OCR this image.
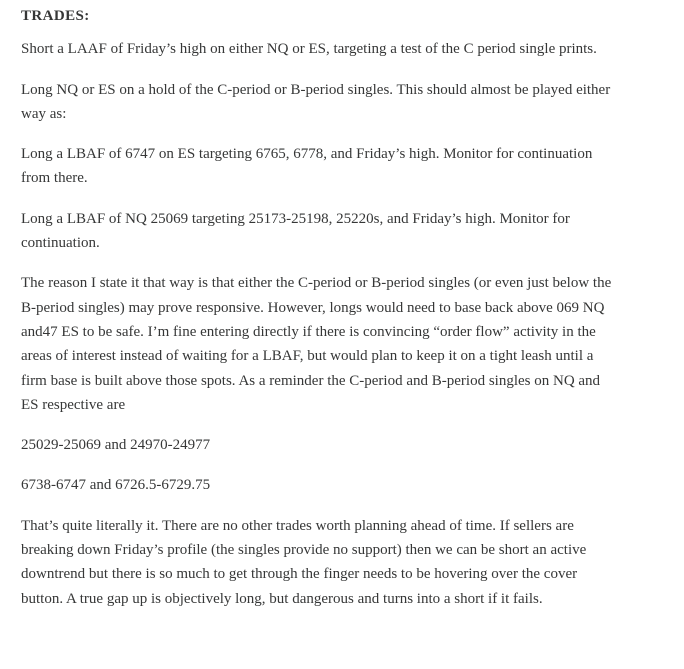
TRADES:

Short a LAAF of Friday’s high on either NQ or ES, targeting a test of the C period single prints.

Long NQ or ES on a hold of the C-period or B-period singles. This should almost be played either way as:

Long a LBAF of 6747 on ES targeting 6765, 6778, and Friday’s high. Monitor for continuation from there.

Long a LBAF of NQ 25069 targeting 25173-25198, 25220s, and Friday’s high. Monitor for continuation.

The reason I state it that way is that either the C-period or B-period singles (or even just below the B-period singles) may prove responsive. However, longs would need to base back above 069 NQ and47 ES to be safe. I’m fine entering directly if there is convincing “order flow” activity in the areas of interest instead of waiting for a LBAF, but would plan to keep it on a tight leash until a firm base is built above those spots. As a reminder the C-period and B-period singles on NQ and ES respective are

25029-25069 and 24970-24977

6738-6747 and 6726.5-6729.75

That’s quite literally it. There are no other trades worth planning ahead of time. If sellers are breaking down Friday’s profile (the singles provide no support) then we can be short an active downtrend but there is so much to get through the finger needs to be hovering over the cover button. A true gap up is objectively long, but dangerous and turns into a short if it fails.
